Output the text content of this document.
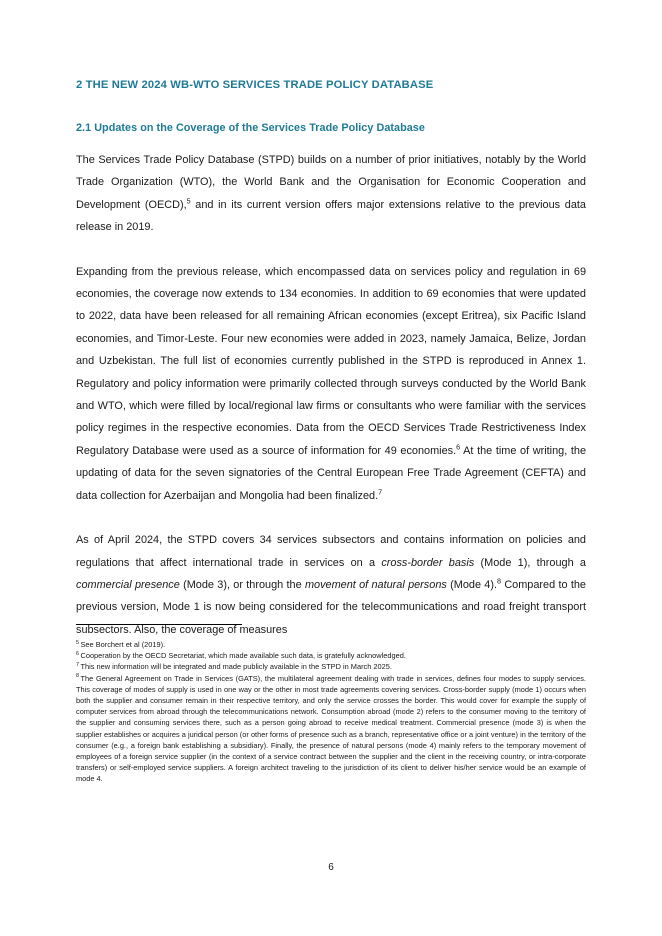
2 THE NEW 2024 WB-WTO SERVICES TRADE POLICY DATABASE
2.1 Updates on the Coverage of the Services Trade Policy Database

The Services Trade Policy Database (STPD) builds on a number of prior initiatives, notably by the World Trade Organization (WTO), the World Bank and the Organisation for Economic Cooperation and Development (OECD),$^5$ and in its current version offers major extensions relative to the previous data release in 2019.

Expanding from the previous release, which encompassed data on services policy and regulation in 69 economies, the coverage now extends to 134 economies. In addition to 69 economies that were updated to 2022, data have been released for all remaining African economies (except Eritrea), six Pacific Island economies, and Timor-Leste. Four new economies were added in 2023, namely Jamaica, Belize, Jordan and Uzbekistan. The full list of economies currently published in the STPD is reproduced in Annex 1. Regulatory and policy information were primarily collected through surveys conducted by the World Bank and WTO, which were filled by local/regional law firms or consultants who were familiar with the services policy regimes in the respective economies. Data from the OECD Services Trade Restrictiveness Index Regulatory Database were used as a source of information for 49 economies.$^6$ At the time of writing, the updating of data for the seven signatories of the Central European Free Trade Agreement (CEFTA) and data collection for Azerbaijan and Mongolia had been finalized.$^7$

As of April 2024, the STPD covers 34 services subsectors and contains information on policies and regulations that affect international trade in services on a cross-border basis (Mode 1), through a commercial presence (Mode 3), or through the movement of natural persons (Mode 4).$^8$ Compared to the previous version, Mode 1 is now being considered for the telecommunications and road freight transport subsectors. Also, the coverage of measures

$^5$ See Borchert et al (2019).

$^6$ Cooperation by the OECD Secretariat, which made available such data, is gratefully acknowledged.

$^7$ This new information will be integrated and made publicly available in the STPD in March 2025.

$^8$ The General Agreement on Trade in Services (GATS), the multilateral agreement dealing with trade in services, defines four modes to supply services. This coverage of modes of supply is used in one way or the other in most trade agreements covering services. Cross-border supply (mode 1) occurs when both the supplier and consumer remain in their respective territory, and only the service crosses the border. This would cover for example the supply of computer services from abroad through the telecommunications network. Consumption abroad (mode 2) refers to the consumer moving to the territory of the supplier and consuming services there, such as a person going abroad to receive medical treatment. Commercial presence (mode 3) is when the supplier establishes or acquires a juridical person (or other forms of presence such as a branch, representative office or a joint venture) in the territory of the consumer (e.g., a foreign bank establishing a subsidiary). Finally, the presence of natural persons (mode 4) mainly refers to the temporary movement of employees of a foreign service supplier (in the context of a service contract between the supplier and the client in the receiving country, or intra-corporate transfers) or self-employed service suppliers. A foreign architect traveling to the jurisdiction of its client to deliver his/her service would be an example of mode 4.

6
